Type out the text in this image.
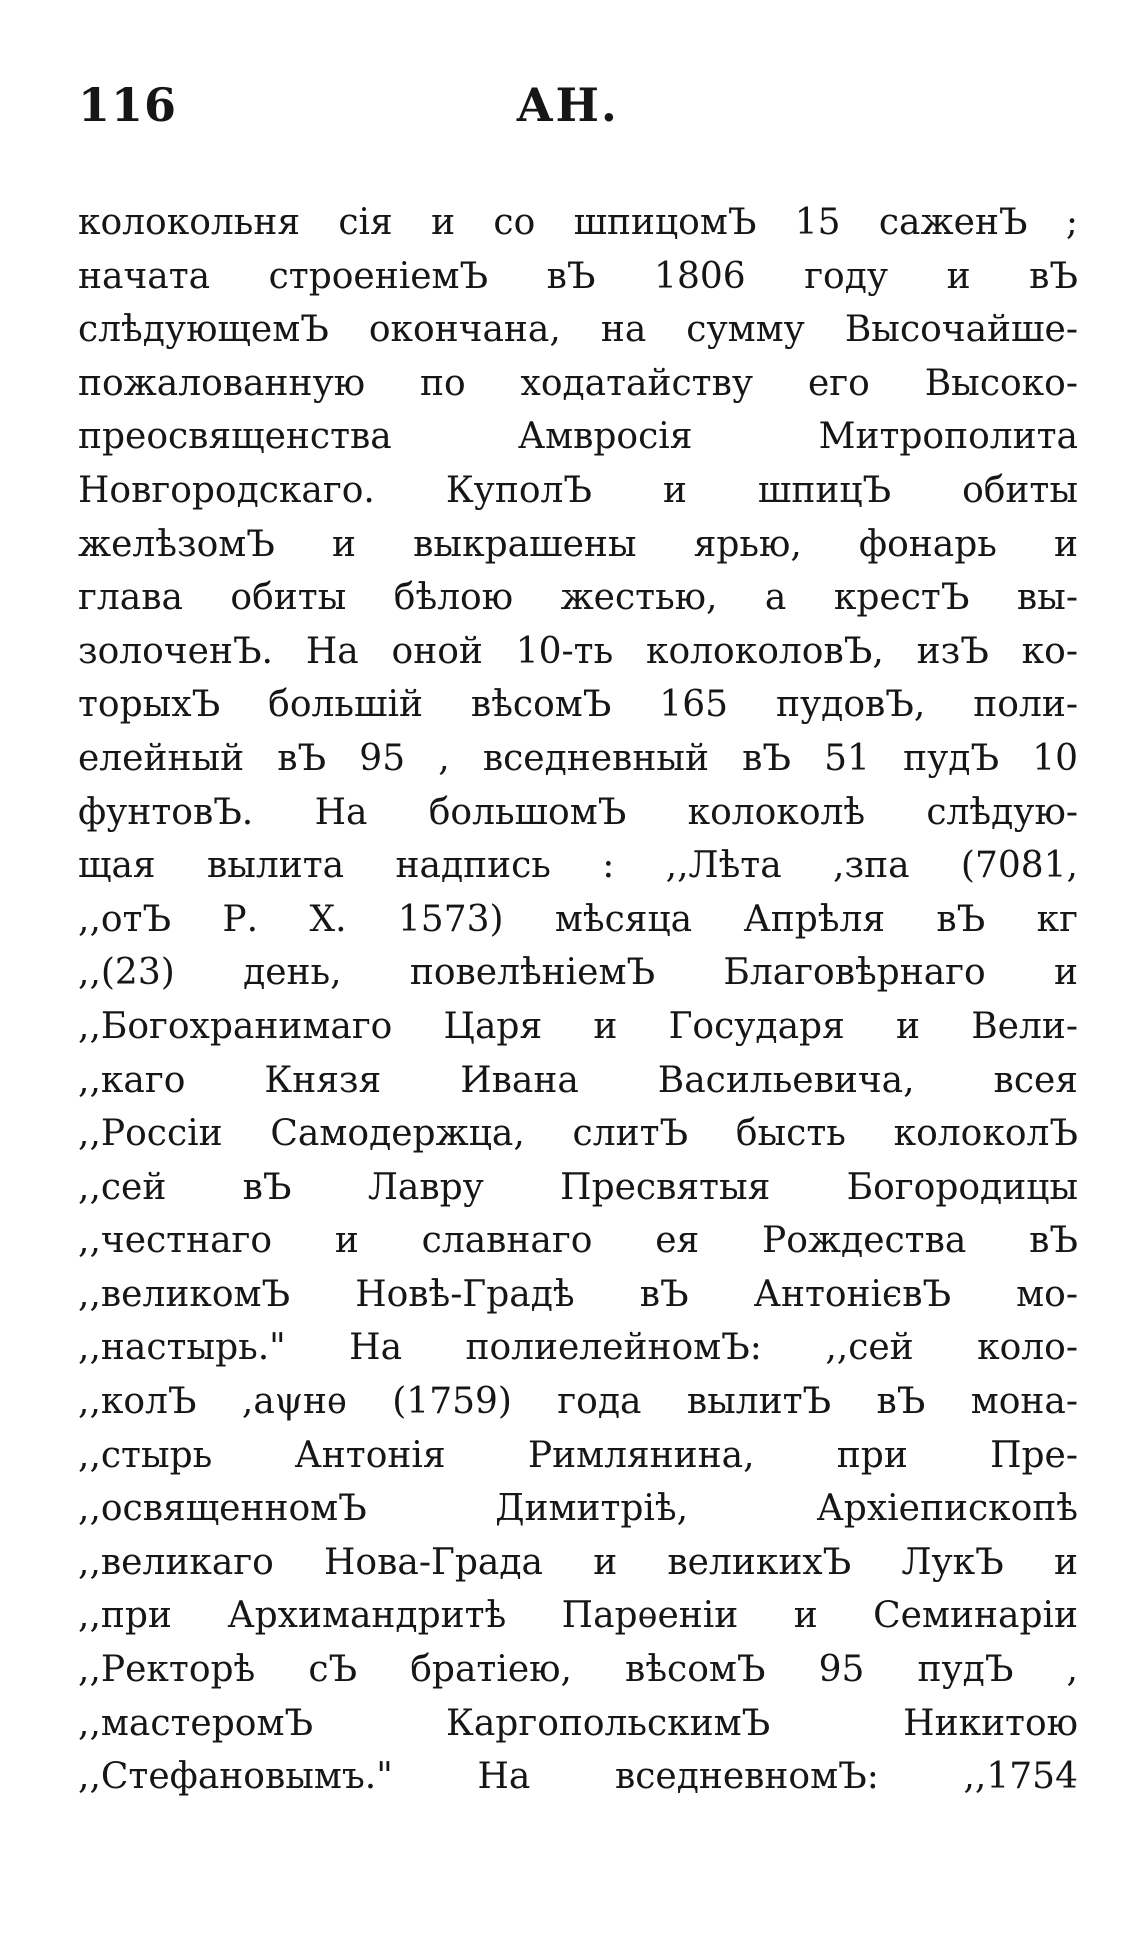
116	АН.
колокольня сія и со шпицомЪ 15 саженЪ ;
начата строеніемЪ вЪ 1806 году и вЪ
слѣдующемЪ окончана, на сумму Высочайше-
пожалованную по ходатайству его Высоко-
преосвященства Амвросія Митрополита
Новгородскаго. КуполЪ и шпицЪ обиты
желѣзомЪ и выкрашены ярью, фонарь и
глава обиты бѣлою жестью, а крестЪ вы-
золоченЪ. На оной 10-ть колоколовЪ, изЪ ко-
торыхЪ большій вѣсомЪ 165 пудовЪ, поли-
елейный вЪ 95 , вседневный вЪ 51 пудЪ 10
фунтовЪ. На большомЪ колоколѣ слѣдую-
щая вылита надпись : ,,Лѣта ,зпа (7081,
,,отЪ Р. Х. 1573) мѣсяца Апрѣля вЪ кг
,,(23) день, повелѣніемЪ Благовѣрнаго и
,,Богохранимаго Царя и Государя и Вели-
,,каго Князя Ивана Васильевича, всея
,,Россіи Самодержца, слитЪ бысть колоколЪ
,,сей вЪ Лавру Пресвятыя Богородицы
,,честнаго и славнаго ея Рождества вЪ
,,великомЪ Новѣ-Градѣ вЪ АнтонієвЪ мо-
,,настырь." На полиелейномЪ: ,,сей коло-
,,колЪ ,аψнѳ (1759) года вылитЪ вЪ мона-
,,стырь Антонія Римлянина, при Пре-
,,освященномЪ Димитріѣ, Архіепископѣ
,,великаго Нова-Града и великихЪ ЛукЪ и
,,при Архимандритѣ Парѳеніи и Семинаріи
,,Ректорѣ сЪ братіею, вѣсомЪ 95 пудЪ ,
,,мастеромЪ КаргопольскимЪ Никитою
,,Стефановымъ." На вседневномЪ: ,,1754
